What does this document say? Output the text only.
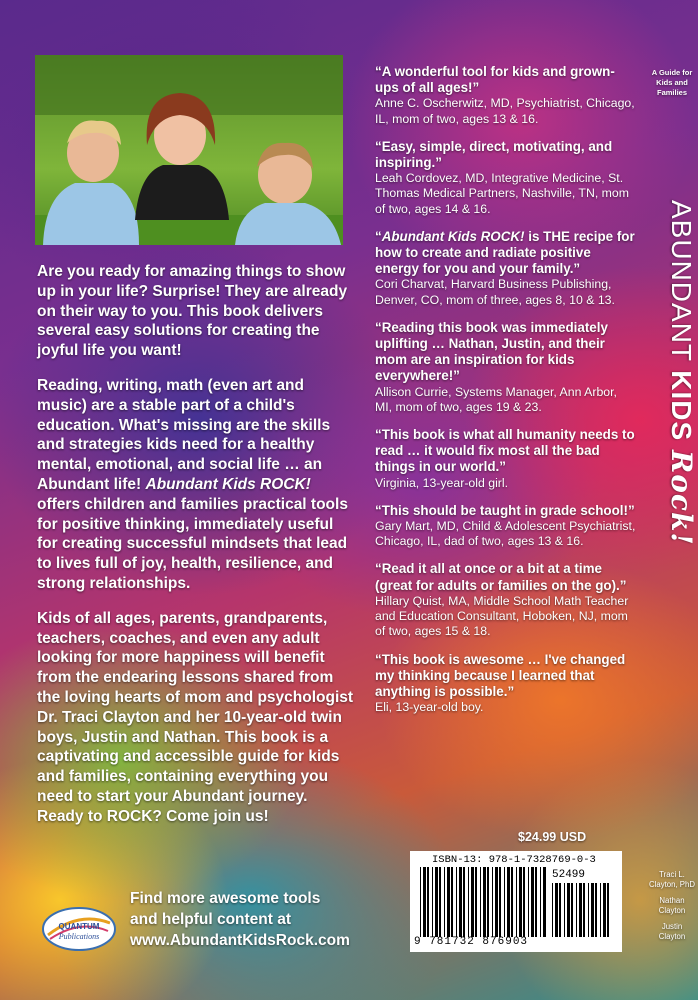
Are you ready for amazing things to show up in your life? Surprise! They are already on their way to you. This book delivers several easy solutions for creating the joyful life you want!

Reading, writing, math (even art and music) are a stable part of a child's education. What's missing are the skills and strategies kids need for a healthy mental, emotional, and social life … an Abundant life! Abundant Kids ROCK! offers children and families practical tools for positive thinking, immediately useful for creating successful mindsets that lead to lives full of joy, health, resilience, and strong relationships.

Kids of all ages, parents, grandparents, teachers, coaches, and even any adult looking for more happiness will benefit from the endearing lessons shared from the loving hearts of mom and psychologist Dr. Traci Clayton and her 10-year-old twin boys, Justin and Nathan. This book is a captivating and accessible guide for kids and families, containing everything you need to start your Abundant journey. Ready to ROCK? Come join us!

QUANTUM
Publications
Find more awesome tools
and helpful content at
www.AbundantKidsRock.com

“A wonderful tool for kids and grown-ups of all ages!”

Anne C. Oscherwitz, MD, Psychiatrist, Chicago, IL, mom of two, ages 13 & 16.

“Easy, simple, direct, motivating, and inspiring.”

Leah Cordovez, MD, Integrative Medicine, St. Thomas Medical Partners, Nashville, TN, mom of two, ages 14 & 16.

“Abundant Kids ROCK! is THE recipe for how to create and radiate positive energy for you and your family.”

Cori Charvat, Harvard Business Publishing, Denver, CO, mom of three, ages 8, 10 & 13.

“Reading this book was immediately uplifting … Nathan, Justin, and their mom are an inspiration for kids everywhere!”

Allison Currie, Systems Manager, Ann Arbor, MI, mom of two, ages 19 & 23.

“This book is what all humanity needs to read … it would fix most all the bad things in our world.”

Virginia, 13-year-old girl.

“This should be taught in grade school!”

Gary Mart, MD, Child & Adolescent Psychiatrist, Chicago, IL, dad of two, ages 13 & 16.

“Read it all at once or a bit at a time (great for adults or families on the go).”

Hillary Quist, MA, Middle School Math Teacher and Education Consultant, Hoboken, NJ, mom of two, ages 15 & 18.

“This book is awesome … I've changed my thinking because I learned that anything is possible.”

Eli, 13-year-old boy.

A Guide for Kids and Families
ABUNDANT KIDS Rock!
Traci L. Clayton, PhD
Nathan Clayton
Justin Clayton
$24.99 USD
ISBN-13: 978-1-7328769-0-3
52499
9 781732 876903
